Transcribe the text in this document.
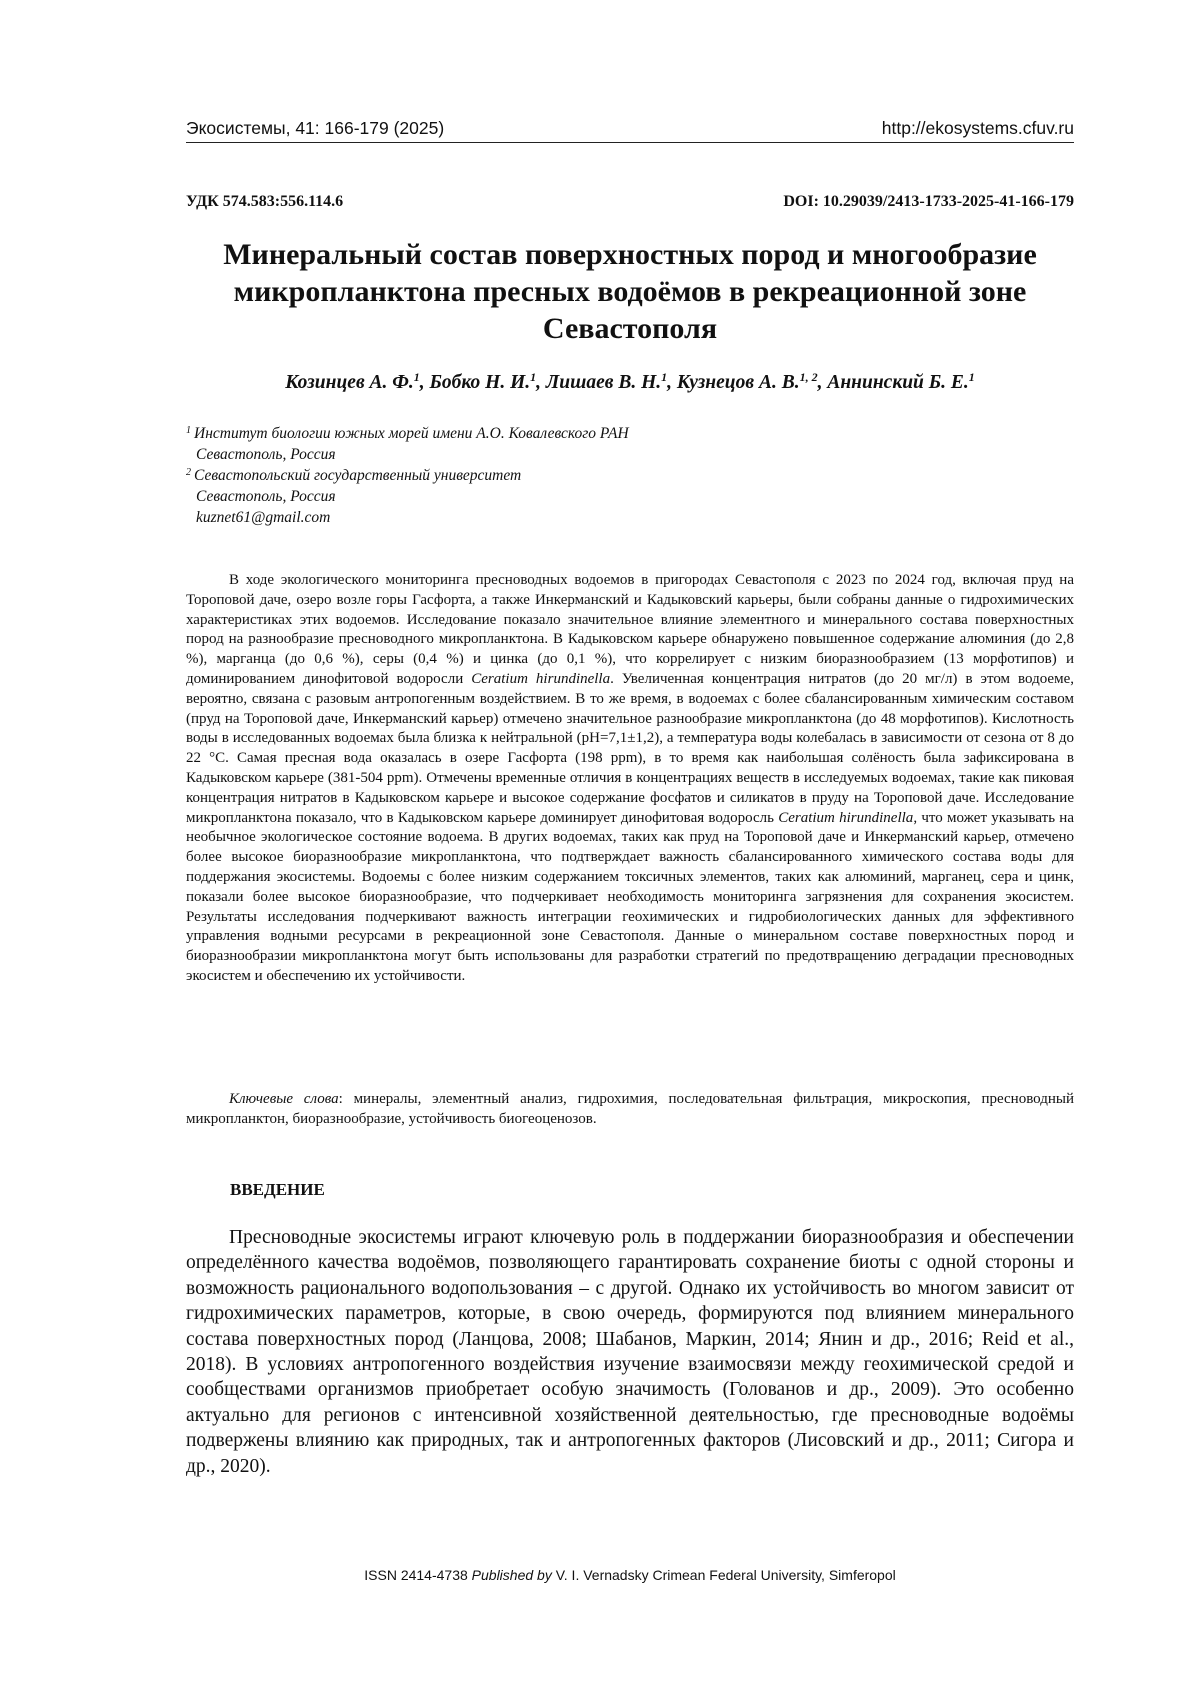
Экосистемы, 41: 166-179 (2025)	http://ekosystems.cfuv.ru
УДК 574.583:556.114.6	DOI: 10.29039/2413-1733-2025-41-166-179
Минеральный состав поверхностных пород и многообразие микропланктона пресных водоёмов в рекреационной зоне Севастополя
Козинцев А. Ф.$^1$, Бобко Н. И.$^1$, Лишаев В. Н.$^1$, Кузнецов А. В.$^{1, 2}$, Аннинский Б. Е.$^1$
$^1$ Институт биологии южных морей имени А.О. Ковалевского РАН
Севастополь, Россия
$^2$ Севастопольский государственный университет
Севастополь, Россия
kuznet61@gmail.com

В ходе экологического мониторинга пресноводных водоемов в пригородах Севастополя с 2023 по 2024 год, включая пруд на Тороповой даче, озеро возле горы Гасфорта, а также Инкерманский и Кадыковский карьеры, были собраны данные о гидрохимических характеристиках этих водоемов. Исследование показало значительное влияние элементного и минерального состава поверхностных пород на разнообразие пресноводного микропланктона. В Кадыковском карьере обнаружено повышенное содержание алюминия (до 2,8 %), марганца (до 0,6 %), серы (0,4 %) и цинка (до 0,1 %), что коррелирует с низким биоразнообразием (13 морфотипов) и доминированием динофитовой водоросли Ceratium hirundinella. Увеличенная концентрация нитратов (до 20 мг/л) в этом водоеме, вероятно, связана с разовым антропогенным воздействием. В то же время, в водоемах с более сбалансированным химическим составом (пруд на Тороповой даче, Инкерманский карьер) отмечено значительное разнообразие микропланктона (до 48 морфотипов). Кислотность воды в исследованных водоемах была близка к нейтральной (pH=7,1±1,2), а температура воды колебалась в зависимости от сезона от 8 до 22 °C. Самая пресная вода оказалась в озере Гасфорта (198 ppm), в то время как наибольшая солёность была зафиксирована в Кадыковском карьере (381-504 ppm). Отмечены временные отличия в концентрациях веществ в исследуемых водоемах, такие как пиковая концентрация нитратов в Кадыковском карьере и высокое содержание фосфатов и силикатов в пруду на Тороповой даче. Исследование микропланктона показало, что в Кадыковском карьере доминирует динофитовая водоросль Ceratium hirundinella, что может указывать на необычное экологическое состояние водоема. В других водоемах, таких как пруд на Тороповой даче и Инкерманский карьер, отмечено более высокое биоразнообразие микропланктона, что подтверждает важность сбалансированного химического состава воды для поддержания экосистемы. Водоемы с более низким содержанием токсичных элементов, таких как алюминий, марганец, сера и цинк, показали более высокое биоразнообразие, что подчеркивает необходимость мониторинга загрязнения для сохранения экосистем. Результаты исследования подчеркивают важность интеграции геохимических и гидробиологических данных для эффективного управления водными ресурсами в рекреационной зоне Севастополя. Данные о минеральном составе поверхностных пород и биоразнообразии микропланктона могут быть использованы для разработки стратегий по предотвращению деградации пресноводных экосистем и обеспечению их устойчивости.

Ключевые слова: минералы, элементный анализ, гидрохимия, последовательная фильтрация, микроскопия, пресноводный микропланктон, биоразнообразие, устойчивость биогеоценозов.

ВВЕДЕНИЕ

Пресноводные экосистемы играют ключевую роль в поддержании биоразнообразия и обеспечении определённого качества водоёмов, позволяющего гарантировать сохранение биоты с одной стороны и возможность рационального водопользования – с другой. Однако их устойчивость во многом зависит от гидрохимических параметров, которые, в свою очередь, формируются под влиянием минерального состава поверхностных пород (Ланцова, 2008; Шабанов, Маркин, 2014; Янин и др., 2016; Reid et al., 2018). В условиях антропогенного воздействия изучение взаимосвязи между геохимической средой и сообществами организмов приобретает особую значимость (Голованов и др., 2009). Это особенно актуально для регионов с интенсивной хозяйственной деятельностью, где пресноводные водоёмы подвержены влиянию как природных, так и антропогенных факторов (Лисовский и др., 2011; Сигора и др., 2020).

ISSN 2414-4738 Published by V. I. Vernadsky Crimean Federal University, Simferopol
